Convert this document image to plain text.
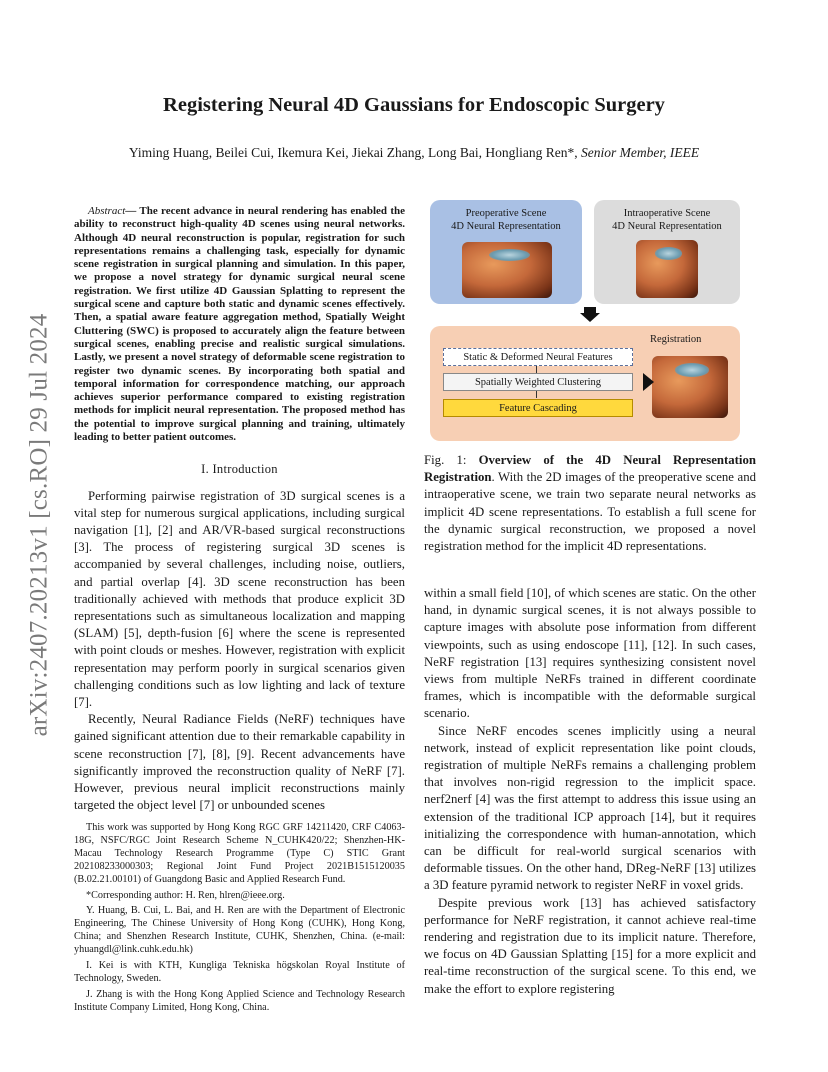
arXiv:2407.20213v1 [cs.RO] 29 Jul 2024
Registering Neural 4D Gaussians for Endoscopic Surgery
Yiming Huang, Beilei Cui, Ikemura Kei, Jiekai Zhang, Long Bai, Hongliang Ren*, Senior Member, IEEE

Abstract— The recent advance in neural rendering has enabled the ability to reconstruct high-quality 4D scenes using neural networks. Although 4D neural reconstruction is popular, registration for such representations remains a challenging task, especially for dynamic scene registration in surgical planning and simulation. In this paper, we propose a novel strategy for dynamic surgical neural scene registration. We first utilize 4D Gaussian Splatting to represent the surgical scene and capture both static and dynamic scenes effectively. Then, a spatial aware feature aggregation method, Spatially Weight Cluttering (SWC) is proposed to accurately align the feature between surgical scenes, enabling precise and realistic surgical simulations. Lastly, we present a novel strategy of deformable scene registration to register two dynamic scenes. By incorporating both spatial and temporal information for correspondence matching, our approach achieves superior performance compared to existing registration methods for implicit neural representation. The proposed method has the potential to improve surgical planning and training, ultimately leading to better patient outcomes.

I. Introduction

Performing pairwise registration of 3D surgical scenes is a vital step for numerous surgical applications, including surgical navigation [1], [2] and AR/VR-based surgical reconstructions [3]. The process of registering surgical 3D scenes is accompanied by several challenges, including noise, outliers, and partial overlap [4]. 3D scene reconstruction has been traditionally achieved with methods that produce explicit 3D representations such as simultaneous localization and mapping (SLAM) [5], depth-fusion [6] where the scene is represented with point clouds or meshes. However, registration with explicit representation may perform poorly in surgical scenarios given challenging conditions such as low lighting and lack of texture [7].

Recently, Neural Radiance Fields (NeRF) techniques have gained significant attention due to their remarkable capability in scene reconstruction [7], [8], [9]. Recent advancements have significantly improved the reconstruction quality of NeRF [7]. However, previous neural implicit reconstructions mainly targeted the object level [7] or unbounded scenes

This work was supported by Hong Kong RGC GRF 14211420, CRF C4063-18G, NSFC/RGC Joint Research Scheme N_CUHK420/22; Shenzhen-HK-Macau Technology Research Programme (Type C) STIC Grant 202108233000303; Regional Joint Fund Project 2021B1515120035 (B.02.21.00101) of Guangdong Basic and Applied Research Fund.

*Corresponding author: H. Ren, hlren@ieee.org.

Y. Huang, B. Cui, L. Bai, and H. Ren are with the Department of Electronic Engineering, The Chinese University of Hong Kong (CUHK), Hong Kong, China; and Shenzhen Research Institute, CUHK, Shenzhen, China. (e-mail: yhuangdl@link.cuhk.edu.hk)

I. Kei is with KTH, Kungliga Tekniska högskolan Royal Institute of Technology, Sweden.

J. Zhang is with the Hong Kong Applied Science and Technology Research Institute Company Limited, Hong Kong, China.

Preoperative Scene
4D Neural Representation
Intraoperative Scene
4D Neural Representation
Registration
Static & Deformed Neural Features
Spatially Weighted Clustering
Feature Cascading
Fig. 1: Overview of the 4D Neural Representation Registration. With the 2D images of the preoperative scene and intraoperative scene, we train two separate neural networks as implicit 4D scene representations. To establish a full scene for the dynamic surgical reconstruction, we proposed a novel registration method for the implicit 4D representations.

within a small field [10], of which scenes are static. On the other hand, in dynamic surgical scenes, it is not always possible to capture images with absolute pose information from different viewpoints, such as using endoscope [11], [12]. In such cases, NeRF registration [13] requires synthesizing consistent novel views from multiple NeRFs trained in different coordinate frames, which is incompatible with the deformable surgical scenario.

Since NeRF encodes scenes implicitly using a neural network, instead of explicit representation like point clouds, registration of multiple NeRFs remains a challenging problem that involves non-rigid regression to the implicit space. nerf2nerf [4] was the first attempt to address this issue using an extension of the traditional ICP approach [14], but it requires initializing the correspondence with human-annotation, which can be difficult for real-world surgical scenarios with deformable tissues. On the other hand, DReg-NeRF [13] utilizes a 3D feature pyramid network to register NeRF in voxel grids.

Despite previous work [13] has achieved satisfactory performance for NeRF registration, it cannot achieve real-time rendering and registration due to its implicit nature. Therefore, we focus on 4D Gaussian Splatting [15] for a more explicit and real-time reconstruction of the surgical scene. To this end, we make the effort to explore registering
